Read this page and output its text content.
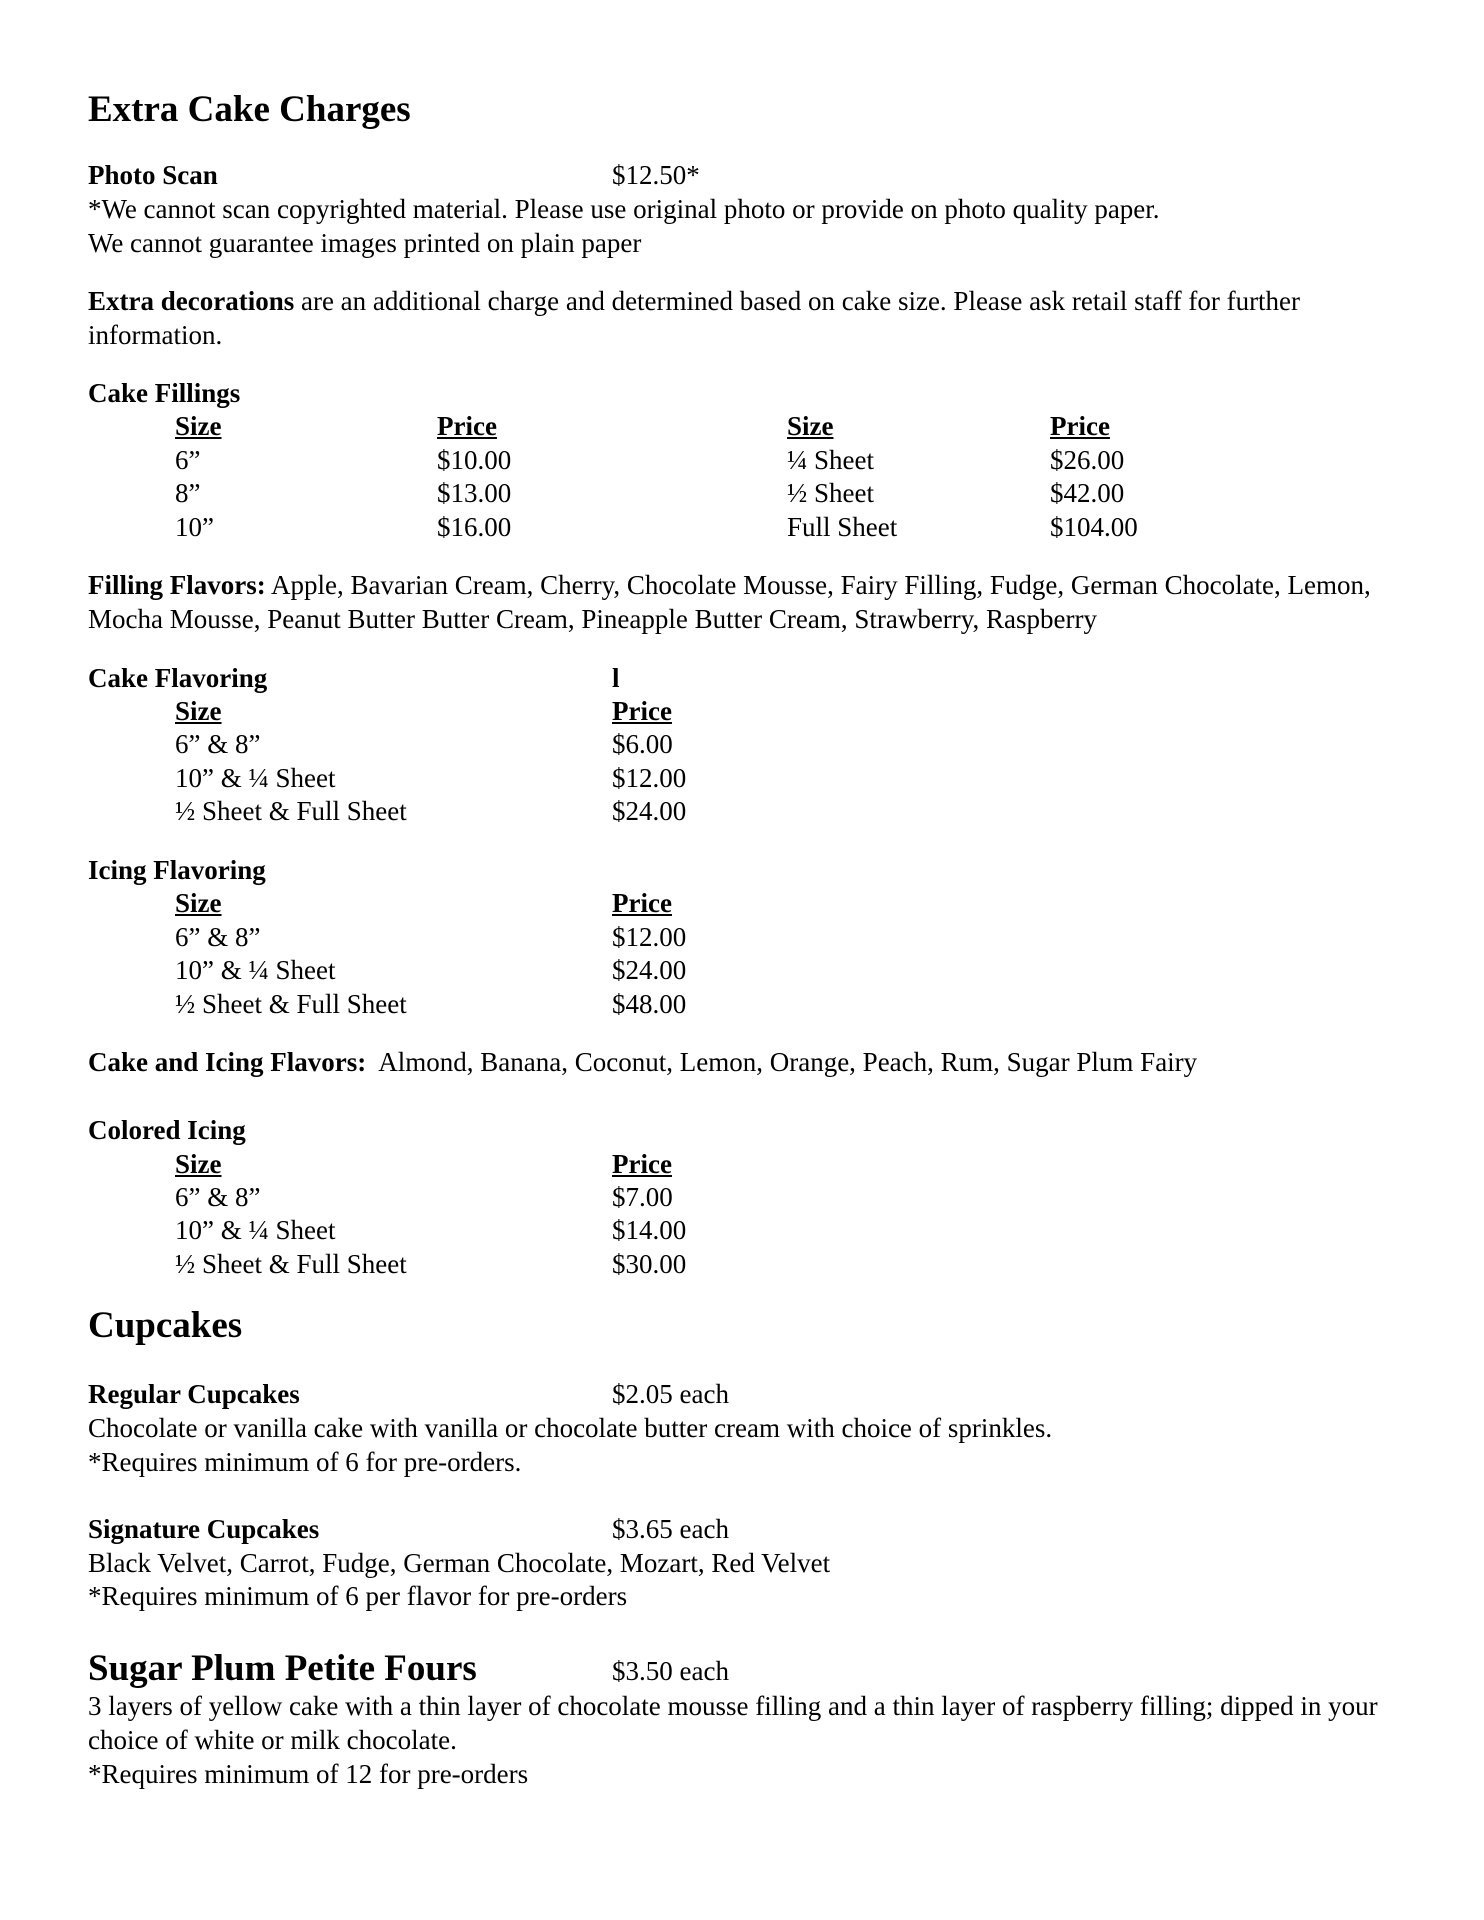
Extra Cake Charges
Photo Scan	$12.50*
*We cannot scan copyrighted material. Please use original photo or provide on photo quality paper.
We cannot guarantee images printed on plain paper
Extra decorations are an additional charge and determined based on cake size. Please ask retail staff for further information.
Cake Fillings
Size	Price	Size	Price
6”	$10.00	¼ Sheet	$26.00
8”	$13.00	½ Sheet	$42.00
10”	$16.00	Full Sheet	$104.00
Filling Flavors: Apple, Bavarian Cream, Cherry, Chocolate Mousse, Fairy Filling, Fudge, German Chocolate, Lemon, Mocha Mousse, Peanut Butter Butter Cream, Pineapple Butter Cream, Strawberry, Raspberry
Cake Flavoring	l
Size	Price
6” & 8”	$6.00
10” & ¼ Sheet	$12.00
½ Sheet & Full Sheet	$24.00
Icing Flavoring
Size	Price
6” & 8”	$12.00
10” & ¼ Sheet	$24.00
½ Sheet & Full Sheet	$48.00
Cake and Icing Flavors:  Almond, Banana, Coconut, Lemon, Orange, Peach, Rum, Sugar Plum Fairy
Colored Icing
Size	Price
6” & 8”	$7.00
10” & ¼ Sheet	$14.00
½ Sheet & Full Sheet	$30.00
Cupcakes
Regular Cupcakes	$2.05 each
Chocolate or vanilla cake with vanilla or chocolate butter cream with choice of sprinkles.
*Requires minimum of 6 for pre-orders.
Signature Cupcakes	$3.65 each
Black Velvet, Carrot, Fudge, German Chocolate, Mozart, Red Velvet
*Requires minimum of 6 per flavor for pre-orders
Sugar Plum Petite Fours	$3.50 each
3 layers of yellow cake with a thin layer of chocolate mousse filling and a thin layer of raspberry filling; dipped in your choice of white or milk chocolate.
*Requires minimum of 12 for pre-orders
